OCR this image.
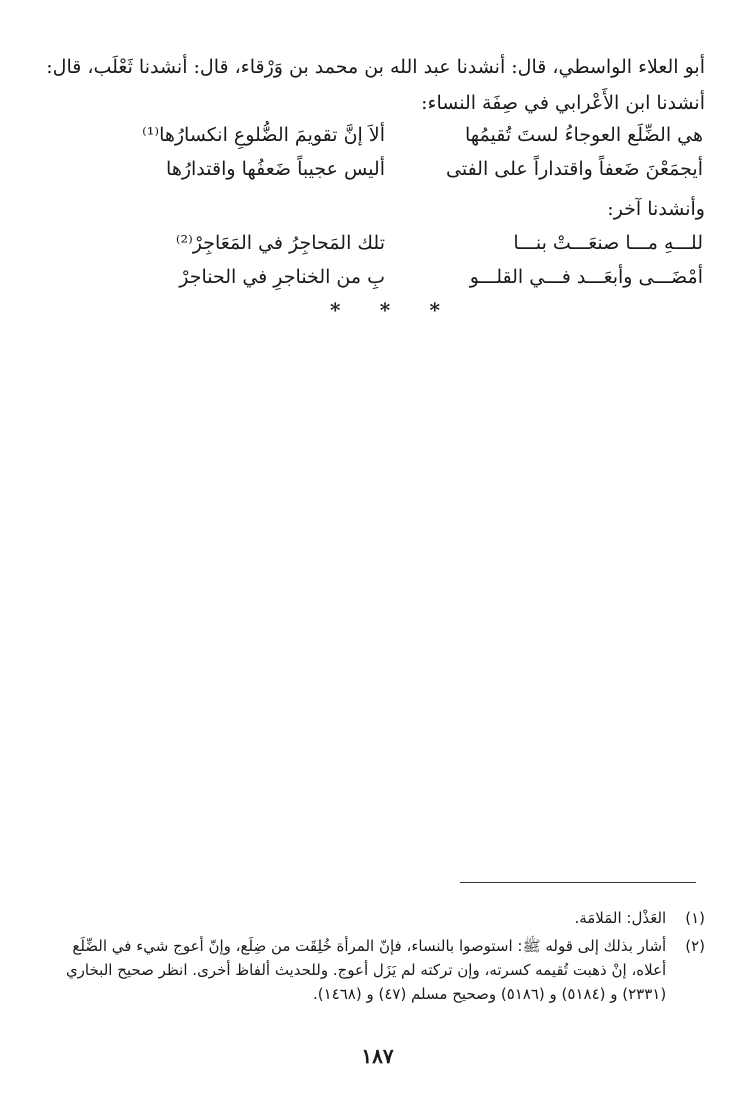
أبو العلاء الواسطي، قال: أنشدنا عبد الله بن محمد بن وَرْقاء، قال: أنشدنا ثَعْلَب، قال:
أنشدنا ابن الأَعْرابي في صِفَة النساء:
هي الضِّلَع العوجاءُ لستَ تُقيمُها
ألاَ إنَّ تقويمَ الضُّلوعِ انكسارُها⁽¹⁾
أيجمَعْنَ ضَعفاً واقتداراً على الفتى
أليس عجيباً ضَعفُها واقتدارُها
وأنشدنا آخر:
للـــهِ مـــا صنعَـــتْ بنـــا
تلك المَحاجِرُ في المَعَاجِرْ⁽²⁾
أمْضَـــى وأبعَـــد فـــي القلـــو
بِ من الخناجرِ في الحناجرْ
* * *
(١) العَذْل: المَلامَة.
(٢) أشار بذلك إلى قوله ﷺ: استوصوا بالنساء، فإنّ المرأة خُلِقَت من ضِلَع، وإنّ أعوج شيء في الضِّلَع أعلاه، إنْ ذهبت تُقيمه كسرته، وإن تركته لم يَزَل أعوج. وللحديث ألفاظ أخرى. انظر صحيح البخاري (٢٣٣١) و (٥١٨٤) و (٥١٨٦) وصحيح مسلم (٤٧) و (١٤٦٨).
١٨٧
